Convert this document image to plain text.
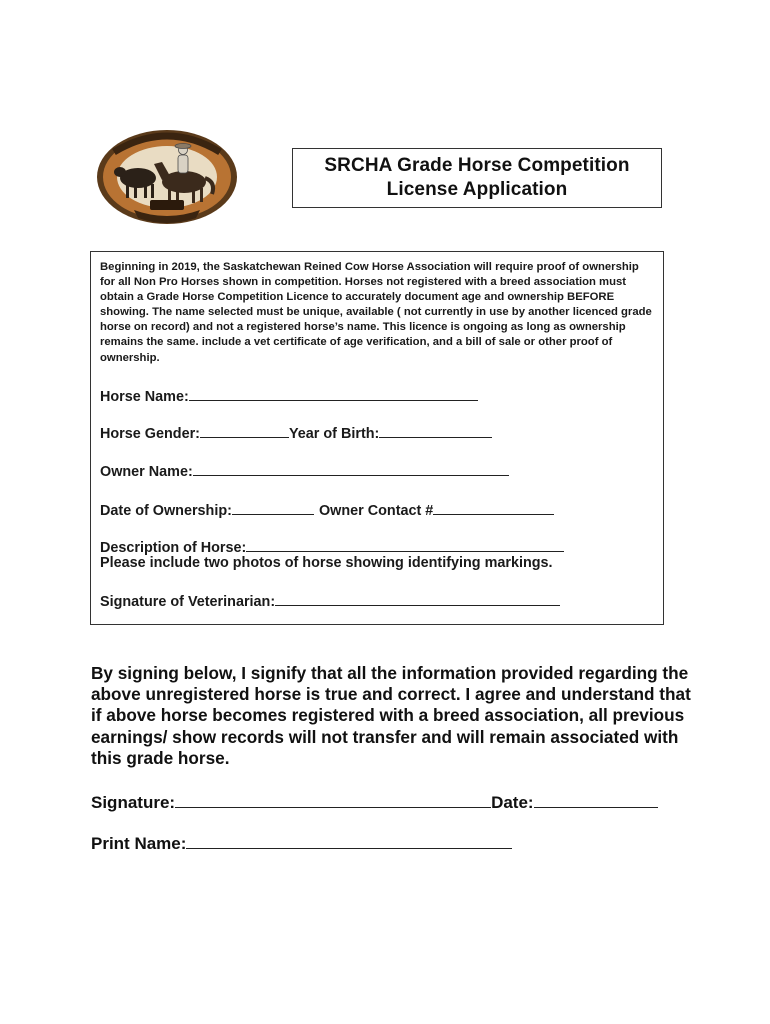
SRCHA Grade Horse Competition
License Application

Beginning in 2019, the Saskatchewan Reined Cow Horse Association will require proof of ownership for all Non Pro Horses shown in competition. Horses not registered with a breed association must obtain a Grade Horse Competition Licence to accurately document age and ownership BEFORE showing. The name selected must be unique, available ( not currently in use by another licenced grade horse on record) and not a registered horse’s name. This licence is ongoing as long as ownership remains the same. include a vet certificate of age verification, and a bill of sale or other proof of ownership.

Horse Name:
Horse Gender:	Year of Birth:
Owner Name:
Date of Ownership:	Owner Contact #
Description of Horse:
Please include two photos of horse showing identifying markings.
Signature of Veterinarian:

By signing below, I signify that all the information provided regarding the above unregistered horse is true and correct. I agree and understand that if above horse becomes registered with a breed association, all previous earnings/ show records will not transfer and will remain associated with this grade horse.

Signature:	Date:
Print Name:
